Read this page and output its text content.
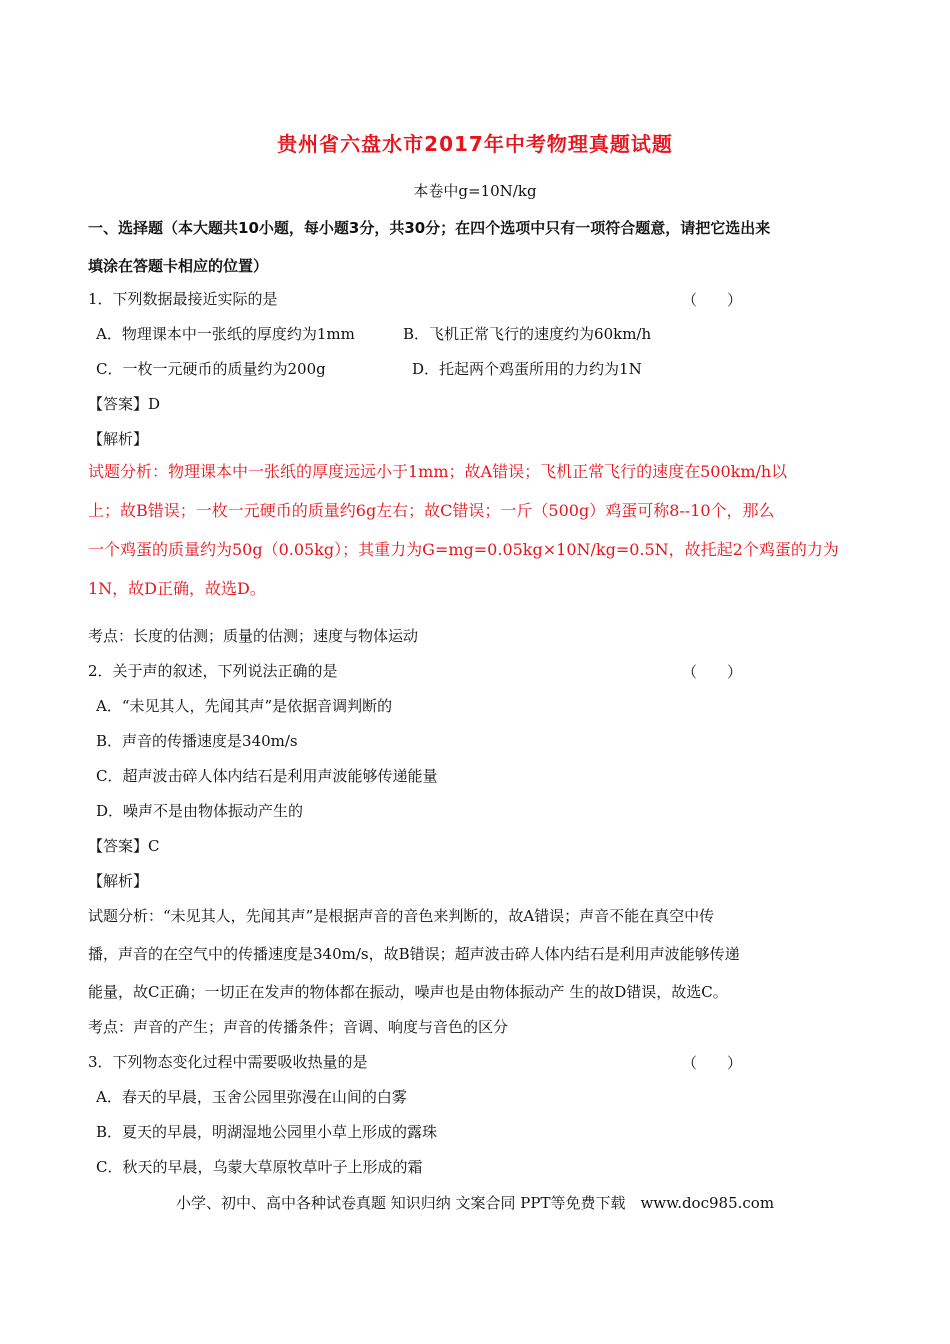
贵州省六盘水市2017年中考物理真题试题
本卷中g=10N/kg
一、选择题（本大题共10小题，每小题3分，共30分；在四个选项中只有一项符合题意，请把它选出来
填涂在答题卡相应的位置）
1．下列数据最接近实际的是	（　　）
A．物理课本中一张纸的厚度约为1mm	B．飞机正常飞行的速度约为60km/h
C．一枚一元硬币的质量约为200g	D．托起两个鸡蛋所用的力约为1N
【答案】D
【解析】
试题分析：物理课本中一张纸的厚度远远小于1mm；故A错误；飞机正常飞行的速度在500km/h以
上；故B错误；一枚一元硬币的质量约6g左右；故C错误；一斤（500g）鸡蛋可称8--10个，那么
一个鸡蛋的质量约为50g（0.05kg）；其重力为G=mg=0.05kg×10N/kg=0.5N，故托起2个鸡蛋的力为
1N，故D正确，故选D。
考点：长度的估测；质量的估测；速度与物体运动
2．关于声的叙述，下列说法正确的是	（　　）
A．“未见其人，先闻其声”是依据音调判断的
B．声音的传播速度是340m/s
C．超声波击碎人体内结石是利用声波能够传递能量
D．噪声不是由物体振动产生的
【答案】C
【解析】
试题分析：“未见其人，先闻其声”是根据声音的音色来判断的，故A错误；声音不能在真空中传
播，声音的在空气中的传播速度是340m/s，故B错误；超声波击碎人体内结石是利用声波能够传递
能量，故C正确；一切正在发声的物体都在振动，噪声也是由物体振动产 生的故D错误，故选C。
考点：声音的产生；声音的传播条件；音调、响度与音色的区分
3．下列物态变化过程中需要吸收热量的是	（　　）
A．春天的早晨，玉舍公园里弥漫在山间的白雾
B．夏天的早晨，明湖湿地公园里小草上形成的露珠
C．秋天的早晨，乌蒙大草原牧草叶子上形成的霜
小学、初中、高中各种试卷真题 知识归纳 文案合同 PPT等免费下载　www.doc985.com
